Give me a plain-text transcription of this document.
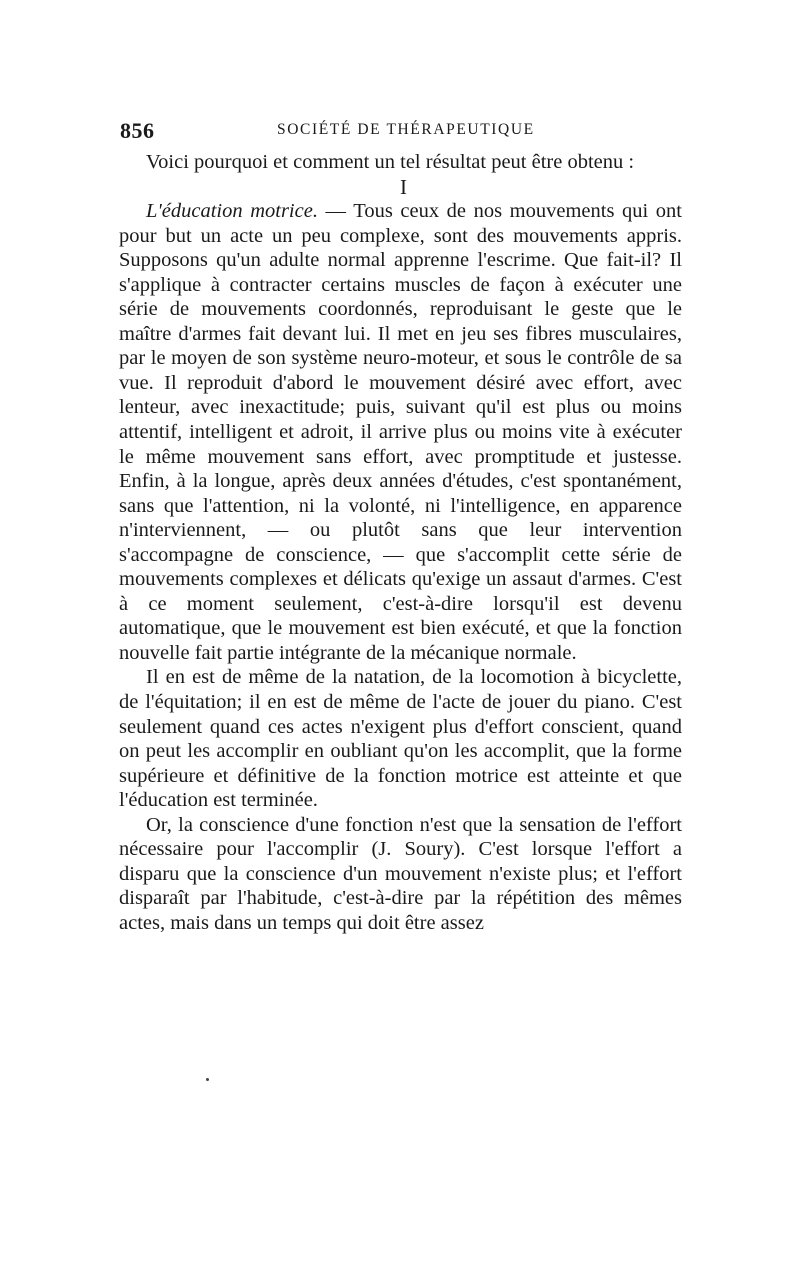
856	SOCIÉTÉ DE THÉRAPEUTIQUE

Voici pourquoi et comment un tel résultat peut être obtenu :

I

L'éducation motrice. — Tous ceux de nos mouvements qui ont pour but un acte un peu complexe, sont des mouvements appris. Supposons qu'un adulte normal apprenne l'escrime. Que fait-il? Il s'applique à contracter certains muscles de façon à exécuter une série de mouvements coordonnés, reproduisant le geste que le maître d'armes fait devant lui. Il met en jeu ses fibres musculaires, par le moyen de son système neuro-moteur, et sous le contrôle de sa vue. Il reproduit d'abord le mouvement désiré avec effort, avec lenteur, avec inexactitude; puis, suivant qu'il est plus ou moins attentif, intelligent et adroit, il arrive plus ou moins vite à exécuter le même mouvement sans effort, avec promptitude et justesse. Enfin, à la longue, après deux années d'études, c'est spontanément, sans que l'attention, ni la volonté, ni l'intelligence, en apparence n'interviennent, — ou plutôt sans que leur intervention s'accompagne de conscience, — que s'accomplit cette série de mouvements complexes et délicats qu'exige un assaut d'armes. C'est à ce moment seulement, c'est-à-dire lorsqu'il est devenu automatique, que le mouvement est bien exécuté, et que la fonction nouvelle fait partie intégrante de la mécanique normale.

Il en est de même de la natation, de la locomotion à bicyclette, de l'équitation; il en est de même de l'acte de jouer du piano. C'est seulement quand ces actes n'exigent plus d'effort conscient, quand on peut les accomplir en oubliant qu'on les accomplit, que la forme supérieure et définitive de la fonction motrice est atteinte et que l'éducation est terminée.

Or, la conscience d'une fonction n'est que la sensation de l'effort nécessaire pour l'accomplir (J. Soury). C'est lorsque l'effort a disparu que la conscience d'un mouvement n'existe plus; et l'effort disparaît par l'habitude, c'est-à-dire par la répétition des mêmes actes, mais dans un temps qui doit être assez
